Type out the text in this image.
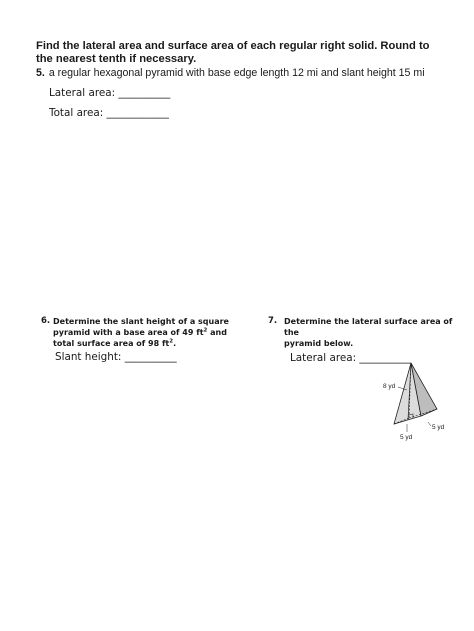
Find the lateral area and surface area of each regular right solid. Round to the nearest tenth if necessary.
5. a regular hexagonal pyramid with base edge length 12 mi and slant height 15 mi
Lateral area: __________
Total area: ____________
6. Determine the slant height of a square
pyramid with a base area of 49 $ft^2$ and
total surface area of 98 $ft^2$.
Slant height: __________
7. Determine the lateral surface area of the
pyramid below.
Lateral area: __________
8 yd
5 yd
5 yd
